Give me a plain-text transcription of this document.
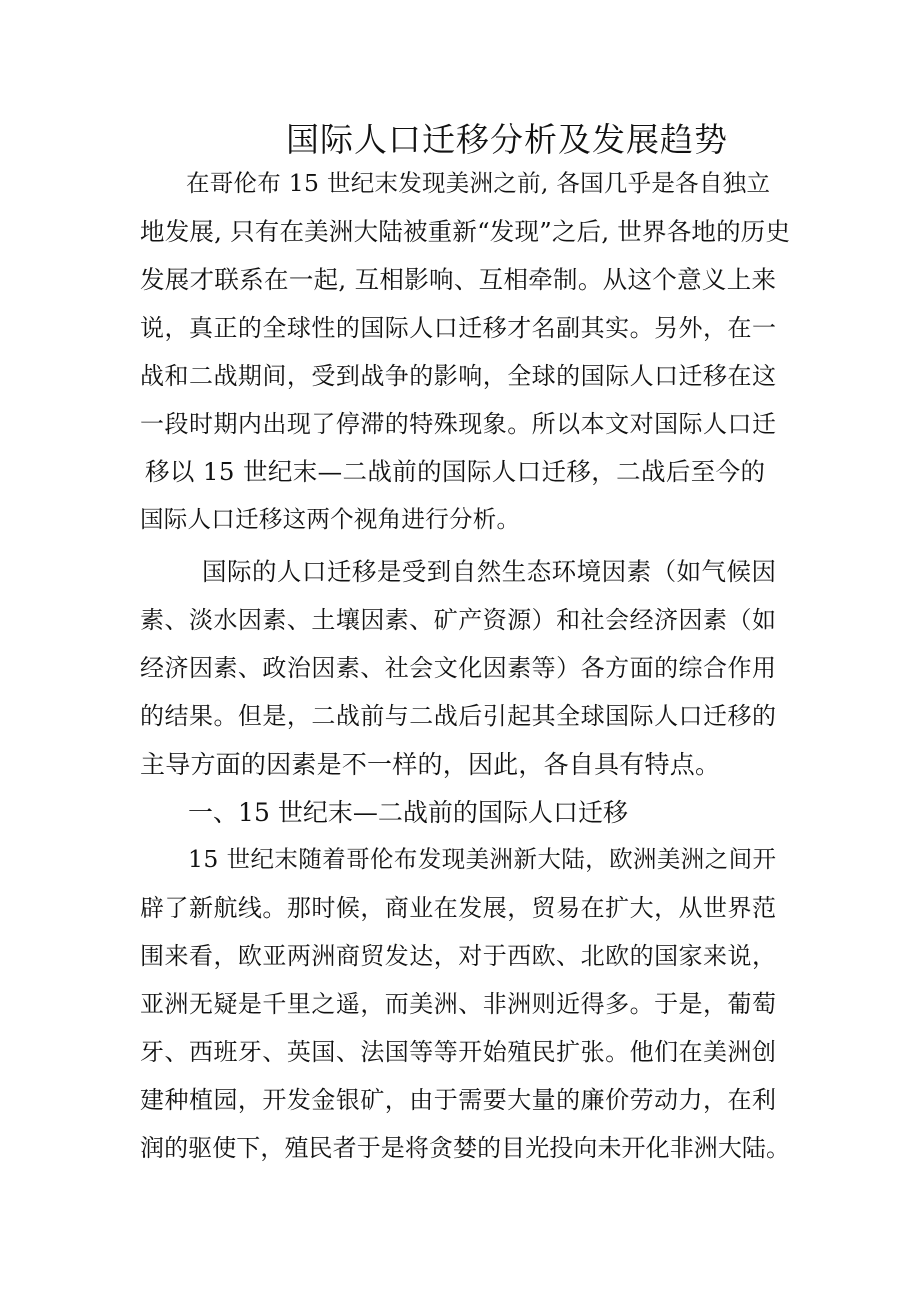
国际人口迁移分析及发展趋势
在哥伦布 15 世纪末发现美洲之前, 各国几乎是各自独立
地发展, 只有在美洲大陆被重新“发现”之后, 世界各地的历史
发展才联系在一起, 互相影响、互相牵制。从这个意义上来
说，真正的全球性的国际人口迁移才名副其实。另外，在一
战和二战期间，受到战争的影响，全球的国际人口迁移在这
一段时期内出现了停滞的特殊现象。所以本文对国际人口迁
移以 15 世纪末—二战前的国际人口迁移，二战后至今的
国际人口迁移这两个视角进行分析。
国际的人口迁移是受到自然生态环境因素（如气候因
素、淡水因素、土壤因素、矿产资源）和社会经济因素（如
经济因素、政治因素、社会文化因素等）各方面的综合作用
的结果。但是，二战前与二战后引起其全球国际人口迁移的
主导方面的因素是不一样的，因此，各自具有特点。
一、15 世纪末—二战前的国际人口迁移
15 世纪末随着哥伦布发现美洲新大陆，欧洲美洲之间开
辟了新航线。那时候，商业在发展，贸易在扩大，从世界范
围来看，欧亚两洲商贸发达，对于西欧、北欧的国家来说，
亚洲无疑是千里之遥，而美洲、非洲则近得多。于是，葡萄
牙、西班牙、英国、法国等等开始殖民扩张。他们在美洲创
建种植园，开发金银矿，由于需要大量的廉价劳动力，在利
润的驱使下，殖民者于是将贪婪的目光投向未开化非洲大陆。
